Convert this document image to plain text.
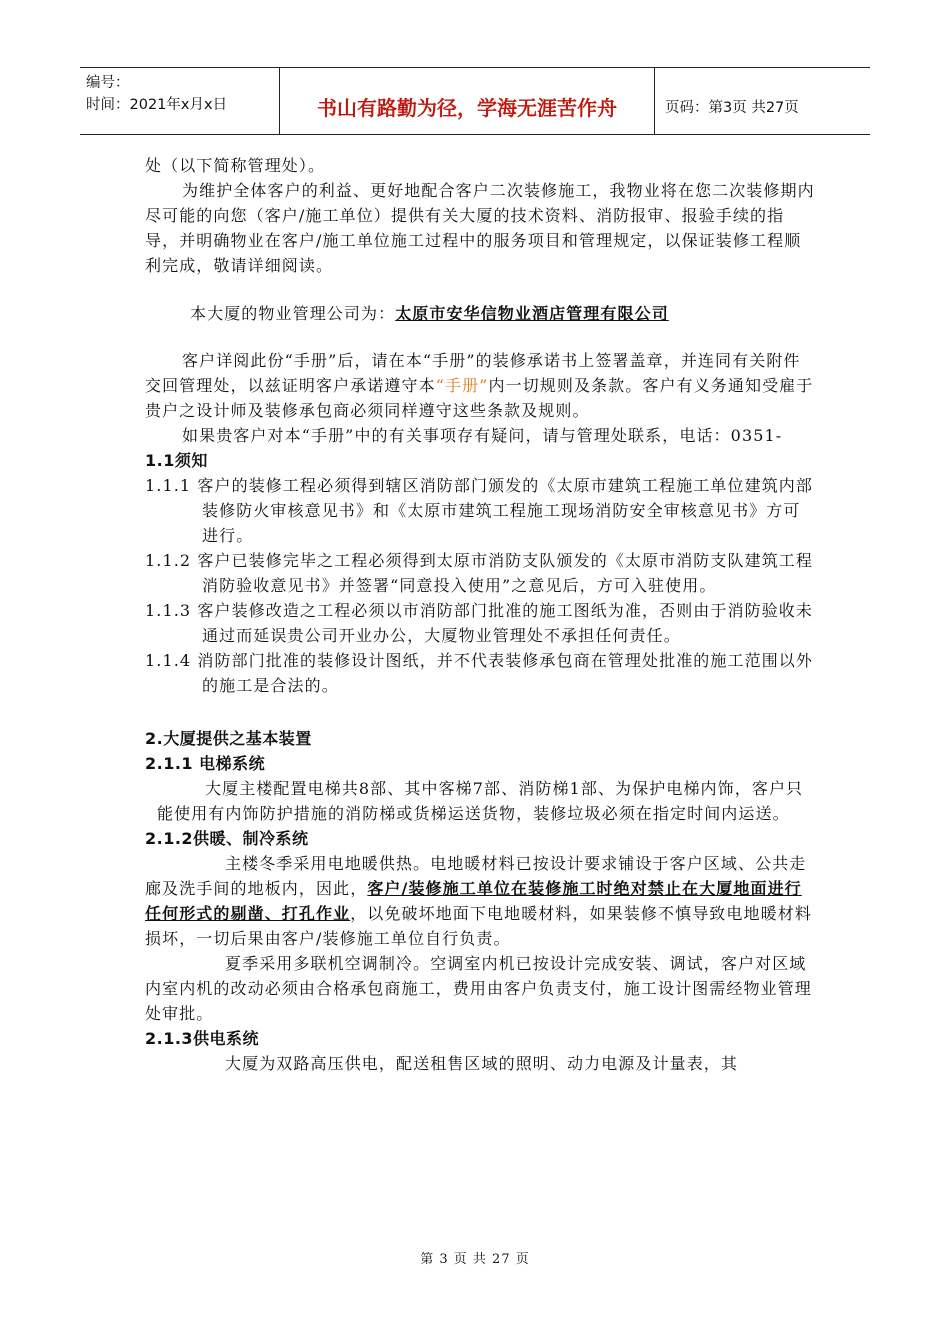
编号：
时间：2021年x月x日	书山有路勤为径，学海无涯苦作舟	页码：第3页 共27页

处（以下简称管理处）。

为维护全体客户的利益、更好地配合客户二次装修施工，我物业将在您二次装修期内尽可能的向您（客户/施工单位）提供有关大厦的技术资料、消防报审、报验手续的指导，并明确物业在客户/施工单位施工过程中的服务项目和管理规定，以保证装修工程顺利完成，敬请详细阅读。

本大厦的物业管理公司为：太原市安华信物业酒店管理有限公司

客户详阅此份“手册”后，请在本“手册”的装修承诺书上签署盖章，并连同有关附件交回管理处，以兹证明客户承诺遵守本“手册”内一切规则及条款。客户有义务通知受雇于贵户之设计师及装修承包商必须同样遵守这些条款及规则。

如果贵客户对本“手册”中的有关事项存有疑问，请与管理处联系，电话：0351-

1.1须知

1.1.1 客户的装修工程必须得到辖区消防部门颁发的《太原市建筑工程施工单位建筑内部装修防火审核意见书》和《太原市建筑工程施工现场消防安全审核意见书》方可进行。

1.1.2 客户已装修完毕之工程必须得到太原市消防支队颁发的《太原市消防支队建筑工程消防验收意见书》并签署“同意投入使用”之意见后，方可入驻使用。

1.1.3 客户装修改造之工程必须以市消防部门批准的施工图纸为准，否则由于消防验收未通过而延误贵公司开业办公，大厦物业管理处不承担任何责任。

1.1.4 消防部门批准的装修设计图纸，并不代表装修承包商在管理处批准的施工范围以外的施工是合法的。

2.大厦提供之基本装置

2.1.1 电梯系统

大厦主楼配置电梯共8部、其中客梯7部、消防梯1部、为保护电梯内饰，客户只能使用有内饰防护措施的消防梯或货梯运送货物，装修垃圾必须在指定时间内运送。

2.1.2供暖、制冷系统

主楼冬季采用电地暖供热。电地暖材料已按设计要求铺设于客户区域、公共走廊及洗手间的地板内，因此，客户/装修施工单位在装修施工时绝对禁止在大厦地面进行任何形式的剔凿、打孔作业，以免破坏地面下电地暖材料，如果装修不慎导致电地暖材料损坏，一切后果由客户/装修施工单位自行负责。

夏季采用多联机空调制冷。空调室内机已按设计完成安装、调试，客户对区域内室内机的改动必须由合格承包商施工，费用由客户负责支付，施工设计图需经物业管理处审批。

2.1.3供电系统

大厦为双路高压供电，配送租售区域的照明、动力电源及计量表，其

第 3 页 共 27 页
